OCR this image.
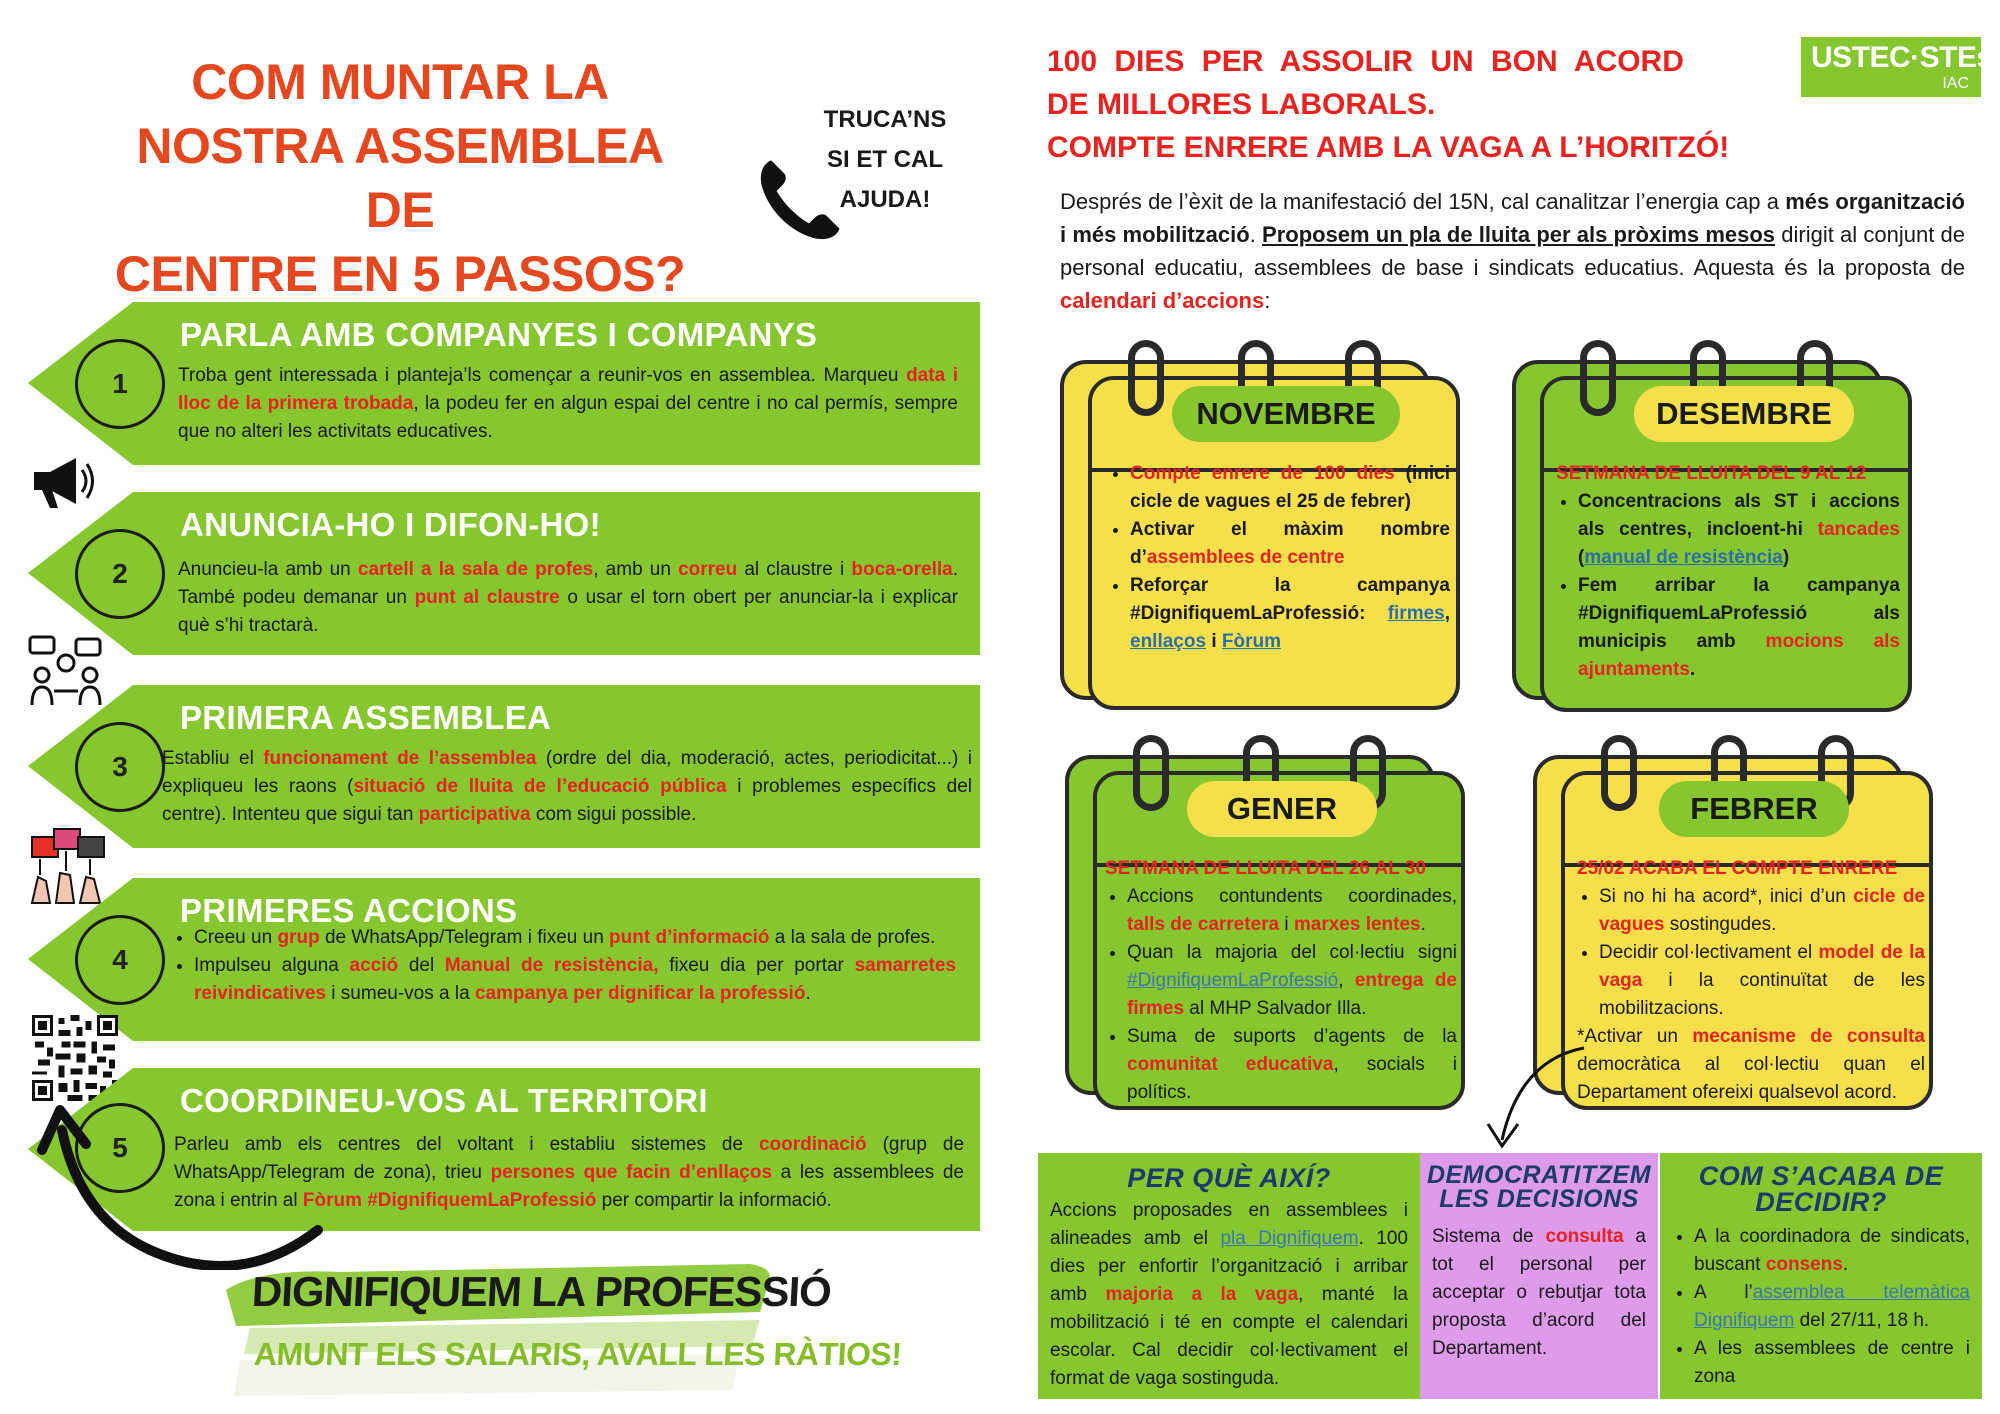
COM MUNTAR LA
NOSTRA ASSEMBLEA DE
CENTRE EN 5 PASSOS?
TRUCA’NS
SI ET CAL
AJUDA!
1
PARLA AMB COMPANYES I COMPANYS
Troba gent interessada i planteja’ls començar a reunir-vos en assemblea. Marqueu data i lloc de la primera trobada, la podeu fer en algun espai del centre i no cal permís, sempre que no alteri les activitats educatives.
2
ANUNCIA-HO I DIFON-HO!
Anuncieu-la amb un cartell a la sala de profes, amb un correu al claustre i boca-orella. També podeu demanar un punt al claustre o usar el torn obert per anunciar-la i explicar què s’hi tractarà.
3
PRIMERA ASSEMBLEA
Establiu el funcionament de l’assemblea (ordre del dia, moderació, actes, periodicitat...) i expliqueu les raons (situació de lluita de l’educació pública i problemes específics del centre). Intenteu que sigui tan participativa com sigui possible.
4
PRIMERES ACCIONS
• Creeu un grup de WhatsApp/Telegram i fixeu un punt d’informació a la sala de profes.
• Impulseu alguna acció del Manual de resistència, fixeu dia per portar samarretes reivindicatives i sumeu-vos a la campanya per dignificar la professió.
5
COORDINEU-VOS AL TERRITORI
Parleu amb els centres del voltant i establiu sistemes de coordinació (grup de WhatsApp/Telegram de zona), trieu persones que facin d’enllaços a les assemblees de zona i entrin al Fòrum #DignifiquemLaProfessió per compartir la informació.
DIGNIFIQUEM LA PROFESSIÓ
AMUNT ELS SALARIS, AVALL LES RÀTIOS!
100 DIES PER ASSOLIR UN BON ACORD
DE MILLORES LABORALS.
COMPTE ENRERE AMB LA VAGA A L’HORITZÓ!
USTEC·STEs
IAC
Després de l’èxit de la manifestació del 15N, cal canalitzar l’energia cap a més organització i més mobilització. Proposem un pla de lluita per als pròxims mesos dirigit al conjunt de personal educatiu, assemblees de base i sindicats educatius. Aquesta és la proposta de calendari d’accions:
NOVEMBRE
• Compte enrere de 100 dies (inici cicle de vagues el 25 de febrer)
• Activar el màxim nombre d’assemblees de centre
• Reforçar la campanya #DignifiquemLaProfessió: firmes, enllaços i Fòrum
DESEMBRE
SETMANA DE LLUITA DEL 9 AL 12
• Concentracions als ST i accions als centres, incloent-hi tancades (manual de resistència)
• Fem arribar la campanya #DignifiquemLaProfessió als municipis amb mocions als ajuntaments.
GENER
SETMANA DE LLUITA DEL 26 AL 30
• Accions contundents coordinades, talls de carretera i marxes lentes.
• Quan la majoria del col·lectiu signi #DignifiquemLaProfessió, entrega de firmes al MHP Salvador Illa.
• Suma de suports d’agents de la comunitat educativa, socials i polítics.
FEBRER
25/02 ACABA EL COMPTE ENRERE
• Si no hi ha acord*, inici d’un cicle de vagues sostingudes.
• Decidir col·lectivament el model de la vaga i la continuïtat de les mobilitzacions.
*Activar un mecanisme de consulta democràtica al col·lectiu quan el Departament ofereixi qualsevol acord.
PER QUÈ AIXÍ?
Accions proposades en assemblees i alineades amb el pla Dignifiquem. 100 dies per enfortir l’organització i arribar amb majoria a la vaga, manté la mobilització i té en compte el calendari escolar. Cal decidir col·lectivament el format de vaga sostinguda.
DEMOCRATITZEM LES DECISIONS
Sistema de consulta a tot el personal per acceptar o rebutjar tota proposta d’acord del Departament.
COM S’ACABA DE DECIDIR?
• A la coordinadora de sindicats, buscant consens.
• A l’assemblea telemàtica Dignifiquem del 27/11, 18 h.
• A les assemblees de centre i zona
